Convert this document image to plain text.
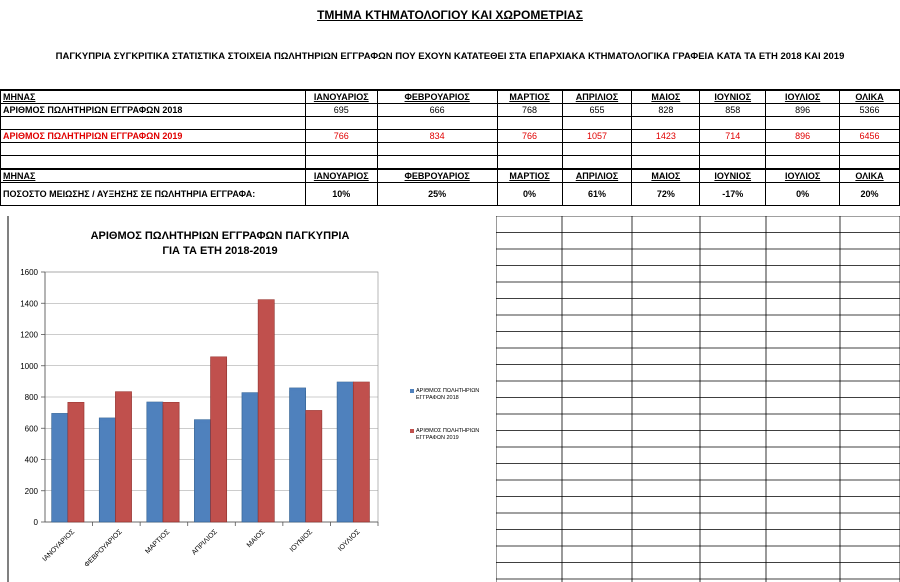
ΤΜΗΜΑ ΚΤΗΜΑΤΟΛΟΓΙΟΥ ΚΑΙ ΧΩΡΟΜΕΤΡΙΑΣ
ΠΑΓΚΥΠΡΙΑ ΣΥΓΚΡΙΤΙΚΑ ΣΤΑΤΙΣΤΙΚΑ ΣΤΟΙΧΕΙΑ ΠΩΛΗΤΗΡΙΩΝ ΕΓΓΡΑΦΩΝ ΠΟΥ ΕΧΟΥΝ ΚΑΤΑΤΕΘΕΙ ΣΤΑ ΕΠΑΡΧΙΑΚΑ ΚΤΗΜΑΤΟΛΟΓΙΚΑ ΓΡΑΦΕΙΑ ΚΑΤΑ ΤΑ ΕΤΗ 2018 ΚΑΙ 2019
ΜΗΝΑΣ	ΙΑΝΟΥΑΡΙΟΣ	ΦΕΒΡΟΥΑΡΙΟΣ	ΜΑΡΤΙΟΣ	ΑΠΡΙΛΙΟΣ	ΜΑΙΟΣ	ΙΟΥΝΙΟΣ	ΙΟΥΛΙΟΣ	ΟΛΙΚΑ
ΑΡΙΘΜΟΣ ΠΩΛΗΤΗΡΙΩΝ ΕΓΓΡΑΦΩΝ 2018	695	666	768	655	828	858	896	5366

ΑΡΙΘΜΟΣ ΠΩΛΗΤΗΡΙΩΝ ΕΓΓΡΑΦΩΝ 2019	766	834	766	1057	1423	714	896	6456

ΜΗΝΑΣ	ΙΑΝΟΥΑΡΙΟΣ	ΦΕΒΡΟΥΑΡΙΟΣ	ΜΑΡΤΙΟΣ	ΑΠΡΙΛΙΟΣ	ΜΑΙΟΣ	ΙΟΥΝΙΟΣ	ΙΟΥΛΙΟΣ	ΟΛΙΚΑ
ΠΟΣΟΣΤΟ ΜΕΙΩΣΗΣ / ΑΥΞΗΣΗΣ ΣΕ ΠΩΛΗΤΗΡΙΑ ΕΓΓΡΑΦΑ:	10%	25%	0%	61%	72%	-17%	0%	20%
ΑΡΙΘΜΟΣ ΠΩΛΗΤΗΡΙΩΝ ΕΓΓΡΑΦΩΝ ΠΑΓΚΥΠΡΙΑ
ΓΙΑ ΤΑ ΕΤΗ 2018-2019
0
200
400
600
800
1000
1200
1400
1600
ΙΑΝΟΥΑΡΙΟΣ ΦΕΒΡΟΥΑΡΙΟΣ	ΜΑΡΤΙΟΣ	ΑΠΡΙΛΙΟΣ	ΜΑΙΟΣ	ΙΟΥΝΙΟΣ	ΙΟΥΛΙΟΣ
ΑΡΙΘΜΟΣ ΠΩΛΗΤΗΡΙΩΝ ΕΓΓΡΑΦΩΝ 2018
ΑΡΙΘΜΟΣ ΠΩΛΗΤΗΡΙΩΝ ΕΓΓΡΑΦΩΝ 2019
